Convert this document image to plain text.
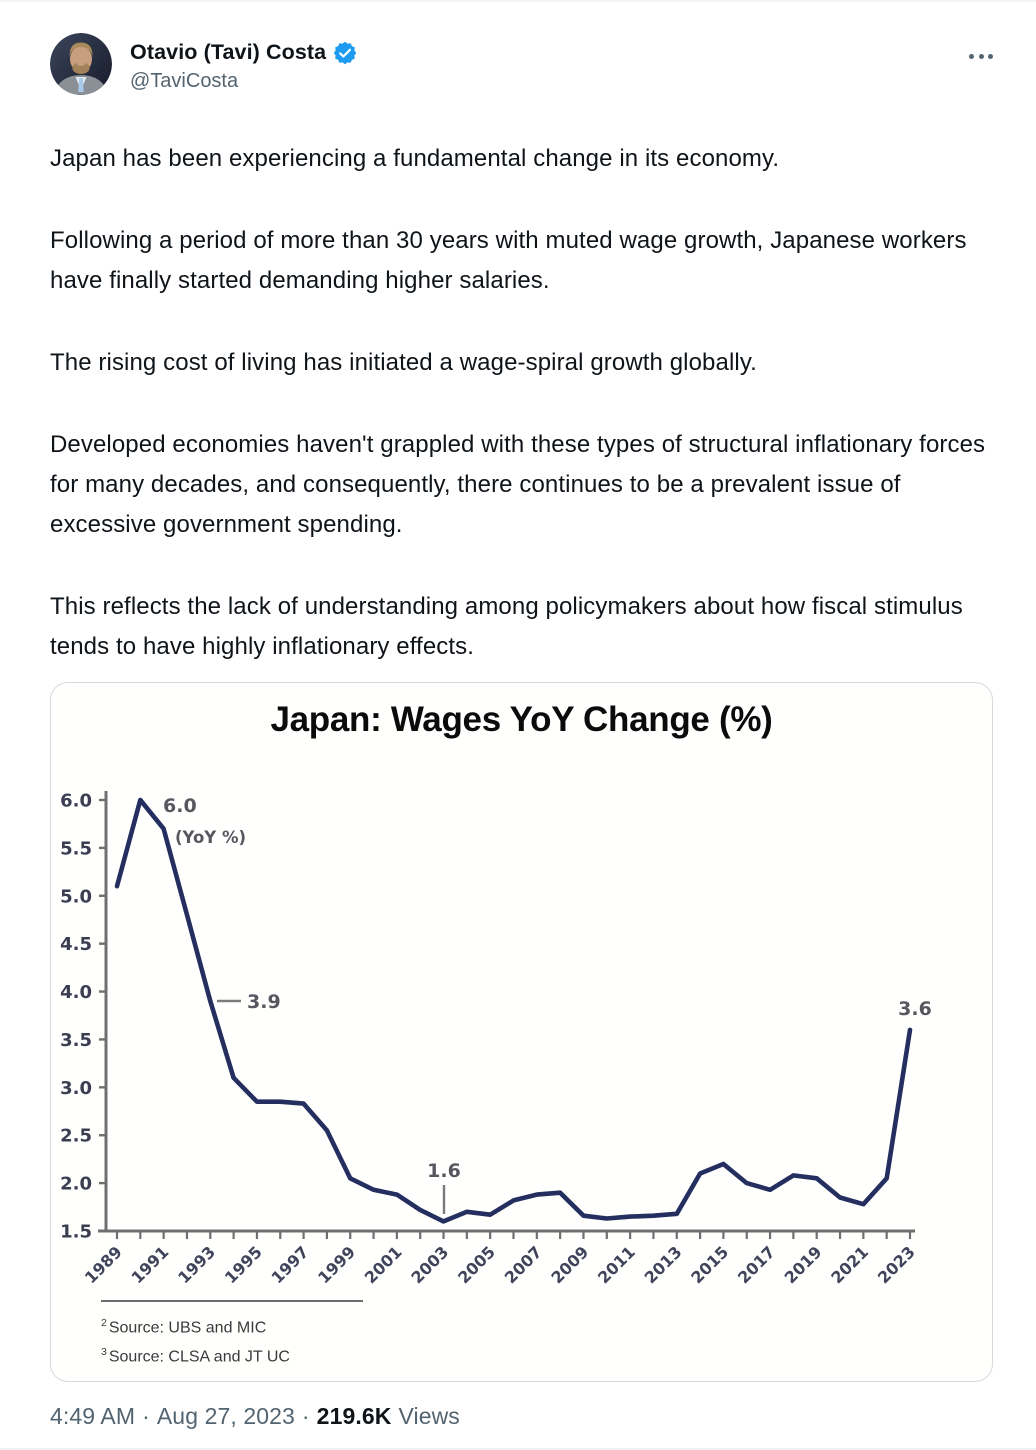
Otavio (Tavi) Costa
@TaviCosta

Japan has been experiencing a fundamental change in its economy.

Following a period of more than 30 years with muted wage growth, Japanese workers have finally started demanding higher salaries.

The rising cost of living has initiated a wage-spiral growth globally.

Developed economies haven't grappled with these types of structural inflationary forces for many decades, and consequently, there continues to be a prevalent issue of excessive government spending.

This reflects the lack of understanding among policymakers about how fiscal stimulus tends to have highly inflationary effects.

Japan: Wages YoY Change (%)
6.0
5.5
5.0
4.5
4.0
3.5
3.0
2.5
2.0
1.5
1989 1991 1993 1995 1997 1999 2001 2003 2005 2007 2009 2011 2013 2015 2017 2019 2021 2023
6.0
(YoY %)
3.9
1.6
3.6
$^2$ Source: UBS and MIC
$^3$ Source: CLSA and JT UC
4:49 AM · Aug 27, 2023 · 219.6K Views
